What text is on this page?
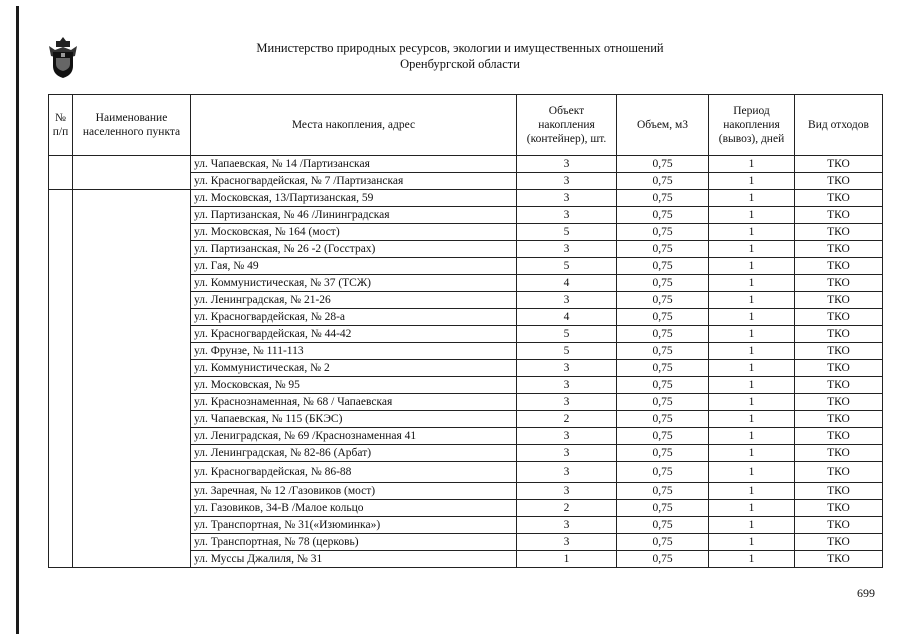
Министерство природных ресурсов, экологии и имущественных отношений
Оренбургской области
№ п/п	Наименование населенного пункта	Места накопления, адрес	Объект накопления (контейнер), шт.	Объем, м3	Период накопления (вывоз), дней	Вид отходов
		ул. Чапаевская, № 14 /Партизанская	3	0,75	1	ТКО
		ул. Красногвардейская, № 7 /Партизанская	3	0,75	1	ТКО
		ул. Московская, 13/Партизанская, 59	3	0,75	1	ТКО
		ул. Партизанская, № 46 /Лининградская	3	0,75	1	ТКО
		ул. Московская, № 164 (мост)	5	0,75	1	ТКО
		ул. Партизанская, № 26 -2 (Госстрах)	3	0,75	1	ТКО
		ул. Гая, № 49	5	0,75	1	ТКО
		ул. Коммунистическая, № 37 (ТСЖ)	4	0,75	1	ТКО
		ул. Ленинградская, № 21-26	3	0,75	1	ТКО
		ул. Красногвардейская, № 28-а	4	0,75	1	ТКО
		ул. Красногвардейская, № 44-42	5	0,75	1	ТКО
		ул. Фрунзе, № 111-113	5	0,75	1	ТКО
		ул. Коммунистическая, № 2	3	0,75	1	ТКО
		ул. Московская, № 95	3	0,75	1	ТКО
		ул. Краснознаменная, № 68 / Чапаевская	3	0,75	1	ТКО
		ул. Чапаевская, № 115 (БКЭС)	2	0,75	1	ТКО
		ул. Лениградская, № 69 /Краснознаменная 41	3	0,75	1	ТКО
		ул. Ленинградская, № 82-86 (Арбат)	3	0,75	1	ТКО
		ул. Красногвардейская, № 86-88	3	0,75	1	ТКО
		ул. Заречная, № 12 /Газовиков (мост)	3	0,75	1	ТКО
		ул. Газовиков, 34-В /Малое кольцо	2	0,75	1	ТКО
		ул. Транспортная, № 31(«Изюминка»)	3	0,75	1	ТКО
		ул. Транспортная, № 78 (церковь)	3	0,75	1	ТКО
		ул. Муссы Джалиля, № 31	1	0,75	1	ТКО
699
